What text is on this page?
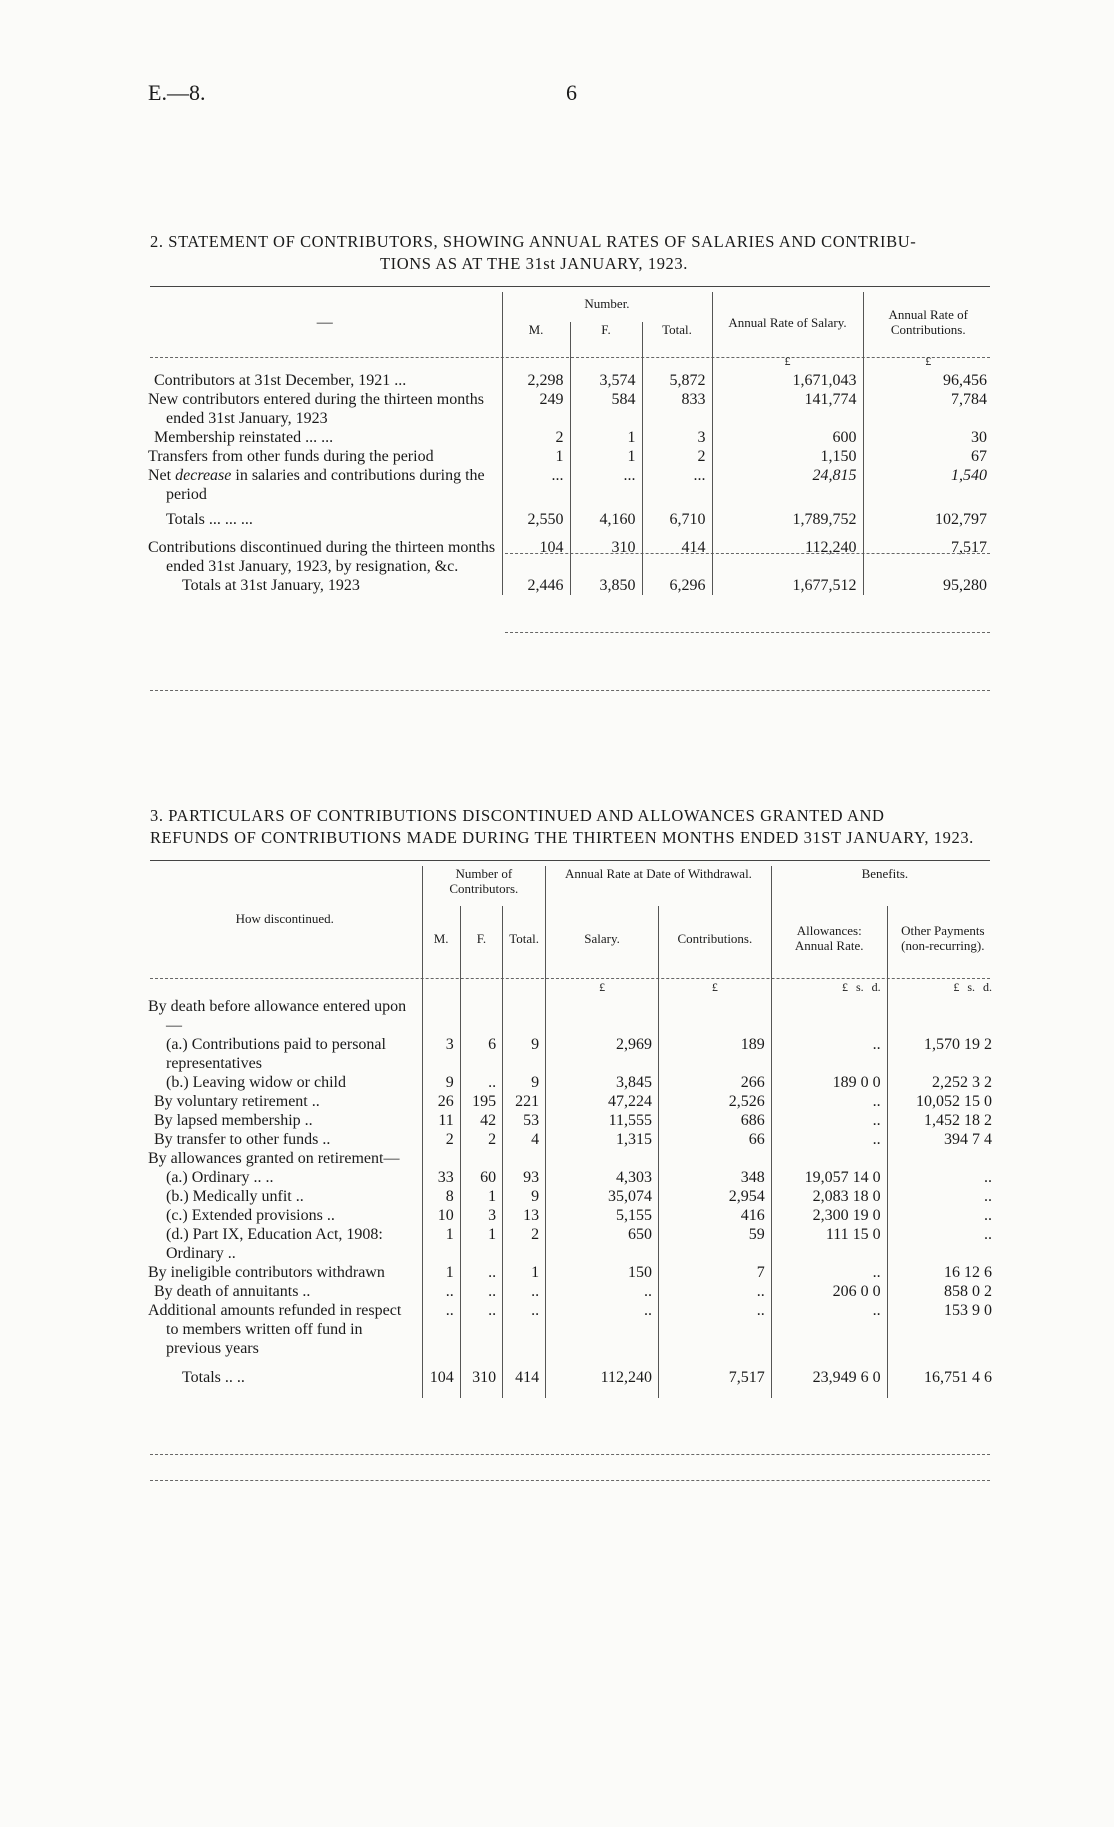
E.—8.	6
2. STATEMENT OF CONTRIBUTORS, SHOWING ANNUAL RATES OF SALARIES AND CONTRIBU-
TIONS AS AT THE 31st JANUARY, 1923.
—	Number.			Annual Rate of Salary.	Annual Rate of Contributions.
	M.	F.	Total.		
				£	£
Contributors at 31st December, 1921 ...	2,298	3,574	5,872	1,671,043	96,456
New contributors entered during the thirteen months ended 31st January, 1923	249	584	833	141,774	7,784
Membership reinstated ... ...	2	1	3	600	30
Transfers from other funds during the period	1	1	2	1,150	67
Net decrease in salaries and contributions during the period	...	...	...	24,815	1,540
Totals ... ... ...	2,550	4,160	6,710	1,789,752	102,797
Contributions discontinued during the thirteen months ended 31st January, 1923, by resignation, &c.	104	310	414	112,240	7,517
Totals at 31st January, 1923	2,446	3,850	6,296	1,677,512	95,280
3. PARTICULARS OF CONTRIBUTIONS DISCONTINUED AND ALLOWANCES GRANTED AND
REFUNDS OF CONTRIBUTIONS MADE DURING THE THIRTEEN MONTHS ENDED 31ST JANUARY, 1923.
How discontinued.	Number of Contributors.			Annual Rate at Date of Withdrawal.		Benefits.	
	M.	F.	Total.	Salary.	Contributions.	Allowances: Annual Rate.	Other Payments (non-recurring).
				£	£	£ s. d.	£ s. d.
By death before allowance entered upon—							
(a.) Contributions paid to personal representatives	3	6	9	2,969	189	..	1,570 19 2
(b.) Leaving widow or child	9	..	9	3,845	266	189 0 0	2,252 3 2
By voluntary retirement ..	26	195	221	47,224	2,526	..	10,052 15 0
By lapsed membership ..	11	42	53	11,555	686	..	1,452 18 2
By transfer to other funds ..	2	2	4	1,315	66	..	394 7 4
By allowances granted on retirement—							
(a.) Ordinary .. ..	33	60	93	4,303	348	19,057 14 0	..
(b.) Medically unfit ..	8	1	9	35,074	2,954	2,083 18 0	..
(c.) Extended provisions ..	10	3	13	5,155	416	2,300 19 0	..
(d.) Part IX, Education Act, 1908: Ordinary ..	1	1	2	650	59	111 15 0	..
By ineligible contributors withdrawn	1	..	1	150	7	..	16 12 6
By death of annuitants ..	..	..	..	..	..	206 0 0	858 0 2
Additional amounts refunded in respect to members written off fund in previous years	..	..	..	..	..	..	153 9 0
Totals .. ..	104	310	414	112,240	7,517	23,949 6 0	16,751 4 6
